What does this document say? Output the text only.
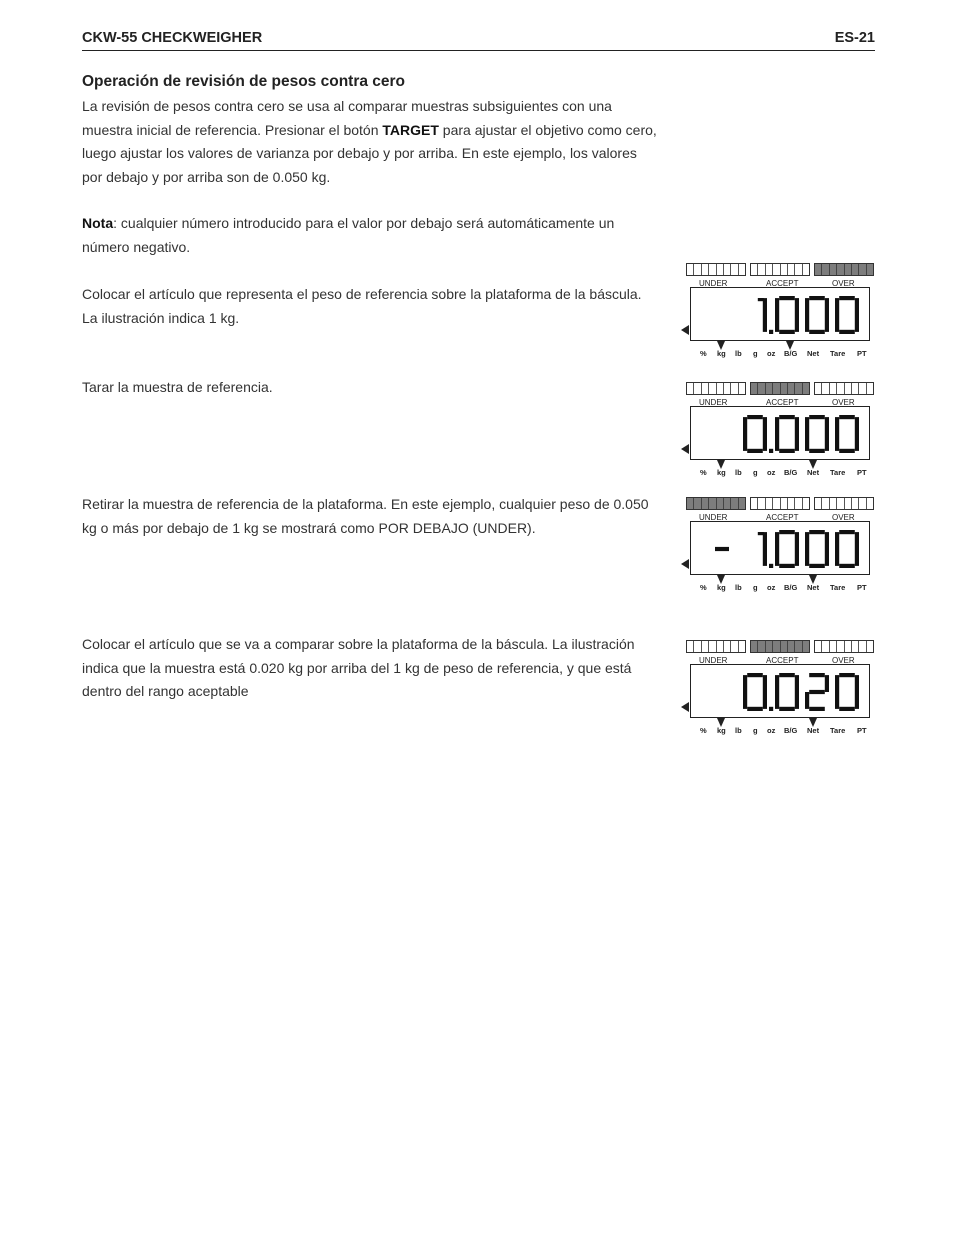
CKW-55 CHECKWEIGHER	ES-21
Operación de revisión de pesos contra cero
La revisión de pesos contra cero se usa al comparar muestras subsiguientes con una
muestra inicial de referencia. Presionar el botón TARGET para ajustar el objetivo como cero,
luego ajustar los valores de varianza por debajo y por arriba. En este ejemplo, los valores
por debajo y por arriba son de 0.050 kg.
Nota: cualquier número introducido para el valor por debajo será automáticamente un
número negativo.
Colocar el artículo que representa el peso de referencia sobre la plataforma de la báscula.
La ilustración indica 1 kg.
Tarar la muestra de referencia.
Retirar la muestra de referencia de la plataforma. En este ejemplo, cualquier peso de 0.050
kg o más por debajo de 1 kg se mostrará como POR DEBAJO (UNDER).
Colocar el artículo que se va a comparar sobre la plataforma de la báscula. La ilustración
indica que la muestra está 0.020 kg por arriba del 1 kg de peso de referencia, y que está
dentro del rango aceptable
UNDER	ACCEPT	OVER
% kg lb g oz B/G Net Tare PT
UNDER	ACCEPT	OVER
% kg lb g oz B/G Net Tare PT
UNDER	ACCEPT	OVER
% kg lb g oz B/G Net Tare PT
UNDER	ACCEPT	OVER
% kg lb g oz B/G Net Tare PT
